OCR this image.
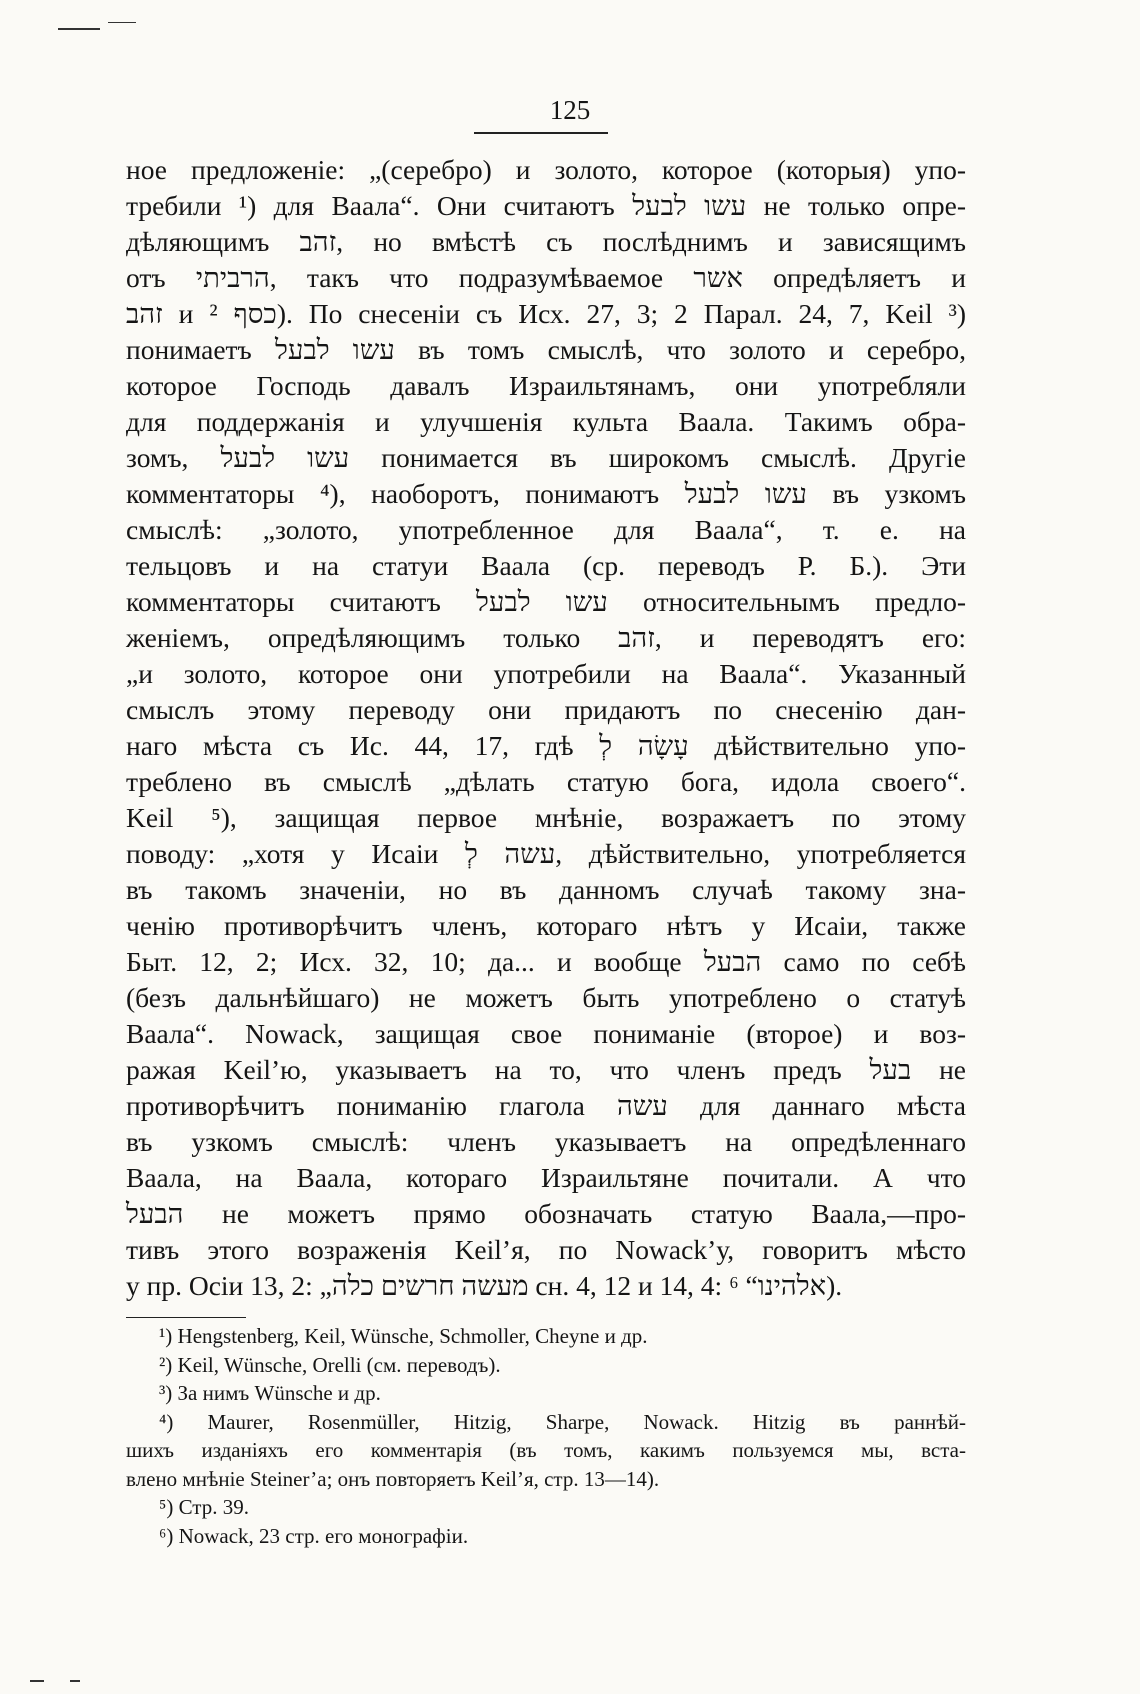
125
ное предложеніе: „(серебро) и золото, которое (которыя) упо-
требили ¹) для Ваала“. Они считаютъ עשו לבעל не только опре-
дѣляющимъ זהב, но вмѣстѣ съ послѣднимъ и зависящимъ
отъ הרביתי, такъ что подразумѣваемое אשר опредѣляетъ и
זהב и כסף ²). По снесеніи съ Исх. 27, 3; 2 Парал. 24, 7, Keil ³)
понимаетъ עשו לבעל въ томъ смыслѣ, что золото и серебро,
которое Господь давалъ Израильтянамъ, они употребляли
для поддержанія и улучшенія культа Ваала. Такимъ обра-
зомъ, עשו לבעל понимается въ широкомъ смыслѣ. Другіе
комментаторы ⁴), наоборотъ, понимаютъ עשו לבעל въ узкомъ
смыслѣ: „золото, употребленное для Ваала“, т. е. на
тельцовъ и на статуи Ваала (ср. переводъ Р. Б.). Эти
комментаторы считаютъ עשו לבעל относительнымъ предло-
женіемъ, опредѣляющимъ только זהב, и переводятъ его:
„и золото, которое они употребили на Ваала“. Указанный
смыслъ этому переводу они придаютъ по снесенію дан-
наго мѣста съ Ис. 44, 17, гдѣ עָשָׂה לְ дѣйствительно упо-
треблено въ смыслѣ „дѣлать статую бога, идола своего“.
Keil ⁵), защищая первое мнѣніе, возражаетъ по этому
поводу: „хотя у Исаіи עשה לְ, дѣйствительно, употребляется
въ такомъ значеніи, но въ данномъ случаѣ такому зна-
ченію противорѣчитъ членъ, котораго нѣтъ у Исаіи, также
Быт. 12, 2; Исх. 32, 10; да... и вообще הבעל само по себѣ
(безъ дальнѣйшаго) не можетъ быть употреблено о статуѣ
Ваала“. Nowack, защищая свое пониманіе (второе) и воз-
ражая Keil’ю, указываетъ на то, что членъ предъ בעל не
противорѣчитъ пониманію глагола עשה для даннаго мѣста
въ узкомъ смыслѣ: членъ указываетъ на опредѣленнаго
Ваала, на Ваала, котораго Израильтяне почитали. А что
הבעל не можетъ прямо обозначать статую Ваала,—про-
тивъ этого возраженія Keil’я, по Nowack’у, говоритъ мѣсто
у пр. Осіи 13, 2: „מעשה חרשים כלה сн. 4, 12 и 14, 4: אלהינו“ ⁶).
¹) Hengstenberg, Keil, Wünsche, Schmoller, Cheyne и др.
²) Keil, Wünsche, Orelli (см. переводъ).
³) За нимъ Wünsche и др.
⁴) Maurer, Rosenmüller, Hitzig, Sharpe, Nowack. Hitzig въ раннѣй-
шихъ изданіяхъ его комментарія (въ томъ, какимъ пользуемся мы, вста-
влено мнѣніе Steiner’a; онъ повторяетъ Keil’я, стр. 13—14).
⁵) Стр. 39.
⁶) Nowack, 23 стр. его монографіи.
